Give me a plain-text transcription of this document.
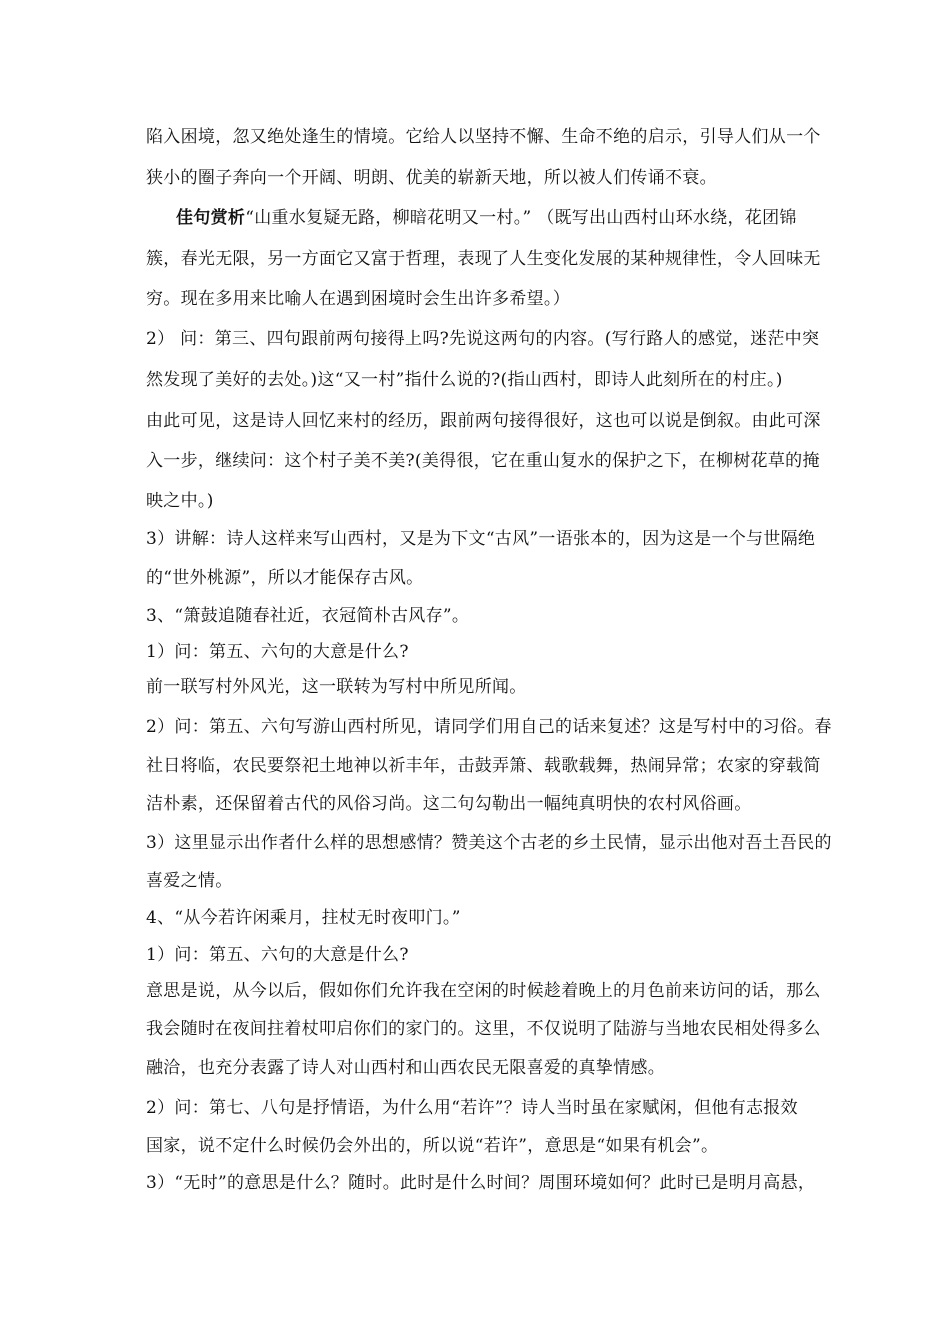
陷入困境，忽又绝处逢生的情境。它给人以坚持不懈、生命不绝的启示，引导人们从一个
狭小的圈子奔向一个开阔、明朗、优美的崭新天地，所以被人们传诵不衰。
佳句赏析“山重水复疑无路，柳暗花明又一村。” （既写出山西村山环水绕，花团锦
簇，春光无限，另一方面它又富于哲理，表现了人生变化发展的某种规律性，令人回味无
穷。现在多用来比喻人在遇到困境时会生出许多希望。）
2） 问：第三、四句跟前两句接得上吗?先说这两句的内容。(写行路人的感觉，迷茫中突
然发现了美好的去处。)这“又一村”指什么说的?(指山西村，即诗人此刻所在的村庄。)
由此可见，这是诗人回忆来村的经历，跟前两句接得很好，这也可以说是倒叙。由此可深
入一步，继续问：这个村子美不美?(美得很，它在重山复水的保护之下，在柳树花草的掩
映之中。)
3）讲解：诗人这样来写山西村，又是为下文“古风”一语张本的，因为这是一个与世隔绝
的“世外桃源”，所以才能保存古风。
3、“箫鼓追随春社近，衣冠简朴古风存”。
1）问：第五、六句的大意是什么?
前一联写村外风光，这一联转为写村中所见所闻。
2）问：第五、六句写游山西村所见，请同学们用自己的话来复述？这是写村中的习俗。春
社日将临，农民要祭祀土地神以祈丰年，击鼓弄箫、载歌载舞，热闹异常；农家的穿载简
洁朴素，还保留着古代的风俗习尚。这二句勾勒出一幅纯真明快的农村风俗画。
3）这里显示出作者什么样的思想感情？赞美这个古老的乡土民情，显示出他对吾土吾民的
喜爱之情。
4、“从今若许闲乘月，拄杖无时夜叩门。”
1）问：第五、六句的大意是什么?
意思是说，从今以后，假如你们允许我在空闲的时候趁着晚上的月色前来访问的话，那么
我会随时在夜间拄着杖叩启你们的家门的。这里，不仅说明了陆游与当地农民相处得多么
融洽，也充分表露了诗人对山西村和山西农民无限喜爱的真挚情感。
2）问：第七、八句是抒情语，为什么用“若许”？诗人当时虽在家赋闲，但他有志报效
国家，说不定什么时候仍会外出的，所以说“若许”，意思是“如果有机会”。
3）“无时”的意思是什么？随时。此时是什么时间？周围环境如何？此时已是明月高悬，
